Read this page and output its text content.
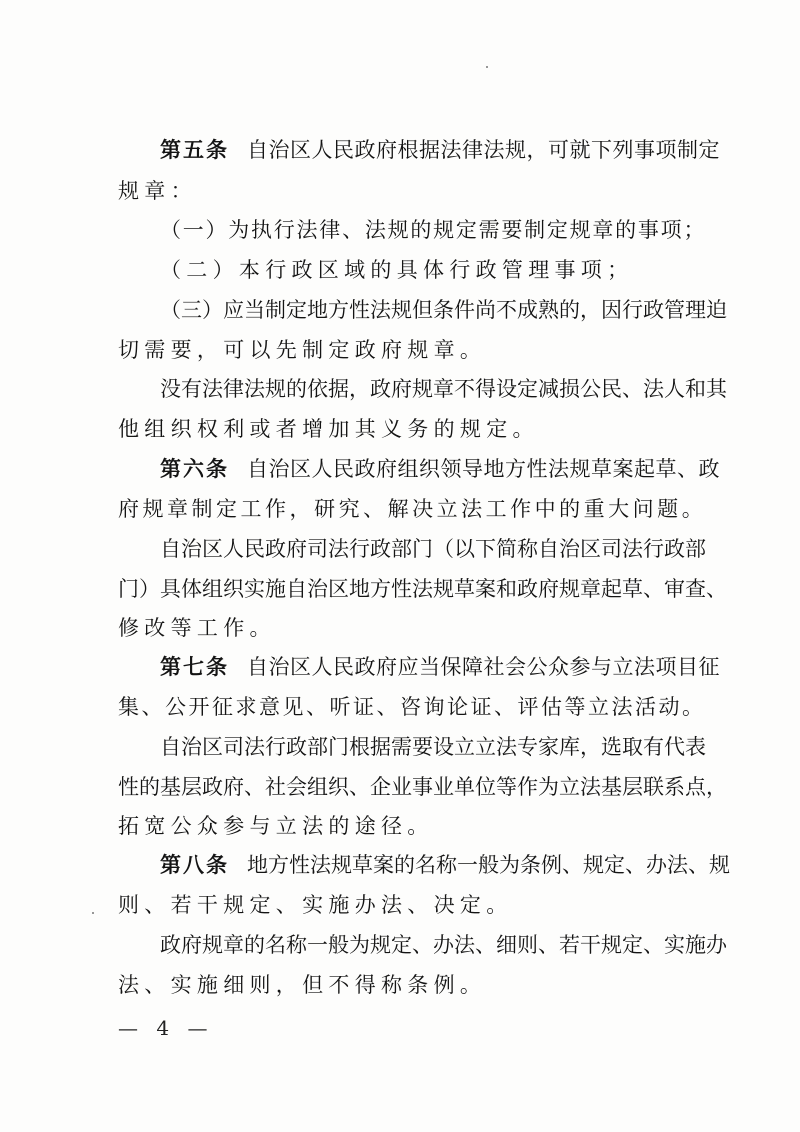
第五条 自治区人民政府根据法律法规，可就下列事项制定
规章：
（一）为执行法律、法规的规定需要制定规章的事项；
（二）本行政区域的具体行政管理事项；
（三）应当制定地方性法规但条件尚不成熟的，因行政管理迫
切需要，可以先制定政府规章。
没有法律法规的依据，政府规章不得设定减损公民、法人和其
他组织权利或者增加其义务的规定。
第六条 自治区人民政府组织领导地方性法规草案起草、政
府规章制定工作，研究、解决立法工作中的重大问题。
自治区人民政府司法行政部门（以下简称自治区司法行政部
门）具体组织实施自治区地方性法规草案和政府规章起草、审查、
修改等工作。
第七条 自治区人民政府应当保障社会公众参与立法项目征
集、公开征求意见、听证、咨询论证、评估等立法活动。
自治区司法行政部门根据需要设立立法专家库，选取有代表
性的基层政府、社会组织、企业事业单位等作为立法基层联系点，
拓宽公众参与立法的途径。
第八条 地方性法规草案的名称一般为条例、规定、办法、规
则、若干规定、实施办法、决定。
政府规章的名称一般为规定、办法、细则、若干规定、实施办
法、实施细则，但不得称条例。
— 4 —
